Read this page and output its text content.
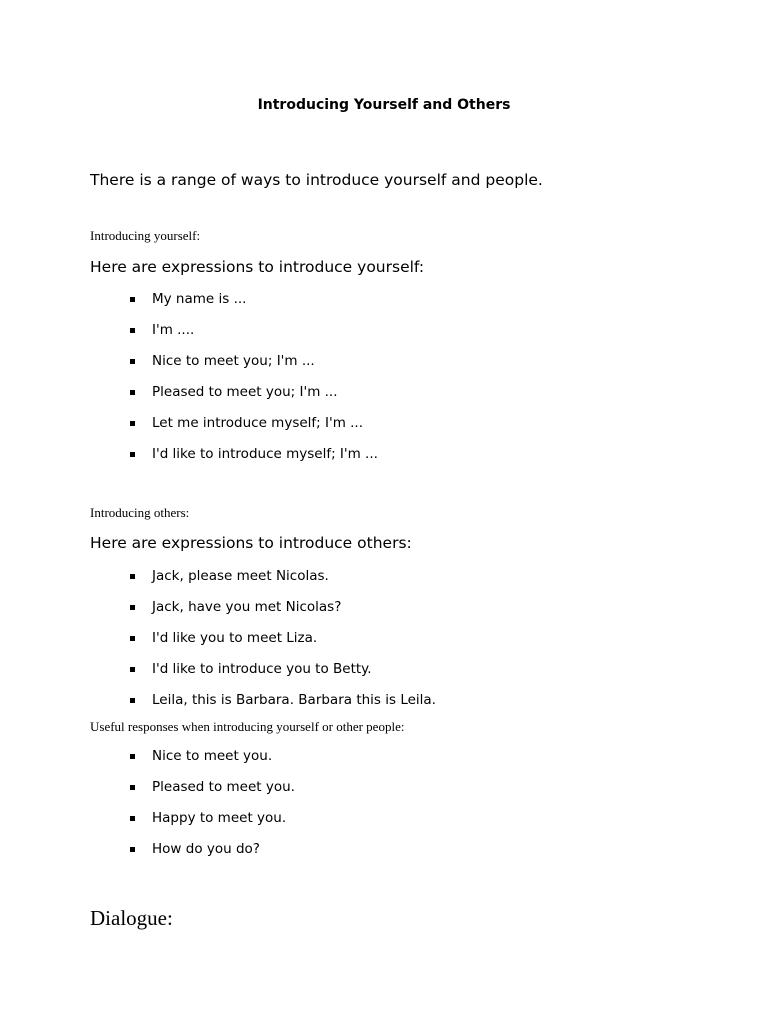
Introducing Yourself and Others
There is a range of ways to introduce yourself and people.
Introducing yourself:
Here are expressions to introduce yourself:
My name is ...
I'm ....
Nice to meet you; I'm ...
Pleased to meet you; I'm ...
Let me introduce myself; I'm ...
I'd like to introduce myself; I'm ...
Introducing others:
Here are expressions to introduce others:
Jack, please meet Nicolas.
Jack, have you met Nicolas?
I'd like you to meet Liza.
I'd like to introduce you to Betty.
Leila, this is Barbara. Barbara this is Leila.
Useful responses when introducing yourself or other people:
Nice to meet you.
Pleased to meet you.
Happy to meet you.
How do you do?
Dialogue:
